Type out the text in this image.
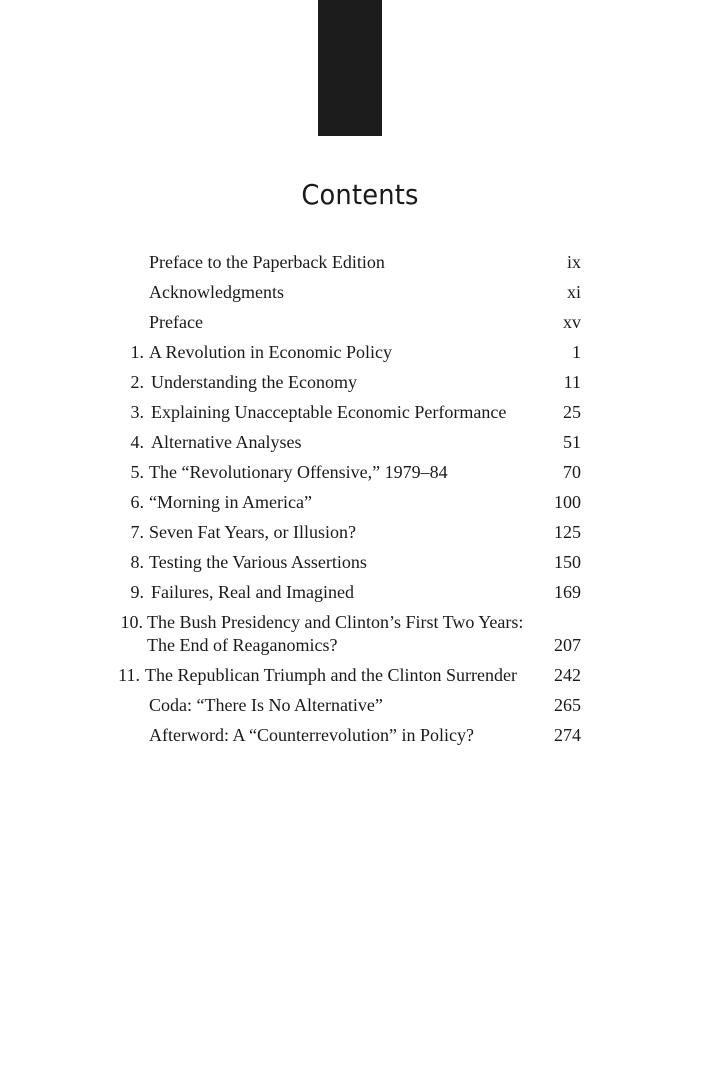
Contents
Preface to the Paperback Edition	ix
Acknowledgments	xi
Preface	xv
1. A Revolution in Economic Policy	1
2. Understanding the Economy	11
3. Explaining Unacceptable Economic Performance	25
4. Alternative Analyses	51
5. The “Revolutionary Offensive,” 1979–84	70
6. “Morning in America”	100
7. Seven Fat Years, or Illusion?	125
8. Testing the Various Assertions	150
9. Failures, Real and Imagined	169
10. The Bush Presidency and Clinton’s First Two Years:
The End of Reaganomics?	207
11. The Republican Triumph and the Clinton Surrender	242
Coda: “There Is No Alternative”	265
Afterword: A “Counterrevolution” in Policy?	274
